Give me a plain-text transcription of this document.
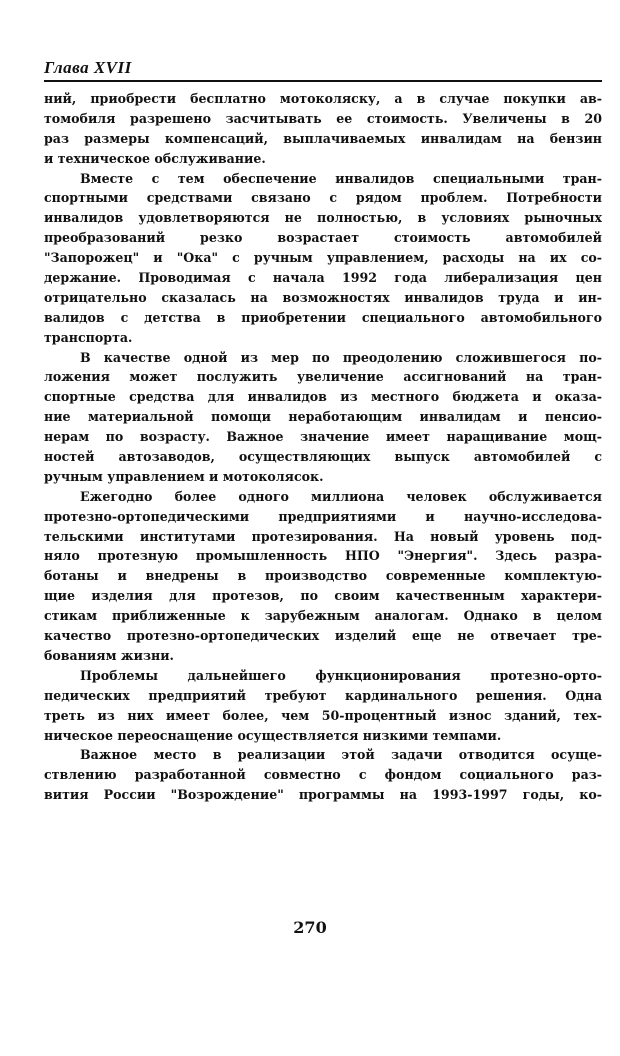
Глава XVII
ний, приобрести бесплатно мотоколяску, а в случае покупки ав-
томобиля разрешено засчитывать ее стоимость. Увеличены в 20
раз размеры компенсаций, выплачиваемых инвалидам на бензин
и техническое обслуживание.
Вместе с тем обеспечение инвалидов специальными тран-
спортными средствами связано с рядом проблем. Потребности
инвалидов удовлетворяются не полностью, в условиях рыночных
преобразований резко возрастает стоимость автомобилей
"Запорожец" и "Ока" с ручным управлением, расходы на их со-
держание. Проводимая с начала 1992 года либерализация цен
отрицательно сказалась на возможностях инвалидов труда и ин-
валидов с детства в приобретении специального автомобильного
транспорта.
В качестве одной из мер по преодолению сложившегося по-
ложения может послужить увеличение ассигнований на тран-
спортные средства для инвалидов из местного бюджета и оказа-
ние материальной помощи неработающим инвалидам и пенсио-
нерам по возрасту. Важное значение имеет наращивание мощ-
ностей автозаводов, осуществляющих выпуск автомобилей с
ручным управлением и мотоколясок.
Ежегодно более одного миллиона человек обслуживается
протезно-ортопедическими предприятиями и научно-исследова-
тельскими институтами протезирования. На новый уровень под-
няло протезную промышленность НПО "Энергия". Здесь разра-
ботаны и внедрены в производство современные комплектую-
щие изделия для протезов, по своим качественным характери-
стикам приближенные к зарубежным аналогам. Однако в целом
качество протезно-ортопедических изделий еще не отвечает тре-
бованиям жизни.
Проблемы дальнейшего функционирования протезно-орто-
педических предприятий требуют кардинального решения. Одна
треть из них имеет более, чем 50-процентный износ зданий, тех-
ническое переоснащение осуществляется низкими темпами.
Важное место в реализации этой задачи отводится осуще-
ствлению разработанной совместно с фондом социального раз-
вития России "Возрождение" программы на 1993-1997 годы, ко-
270
